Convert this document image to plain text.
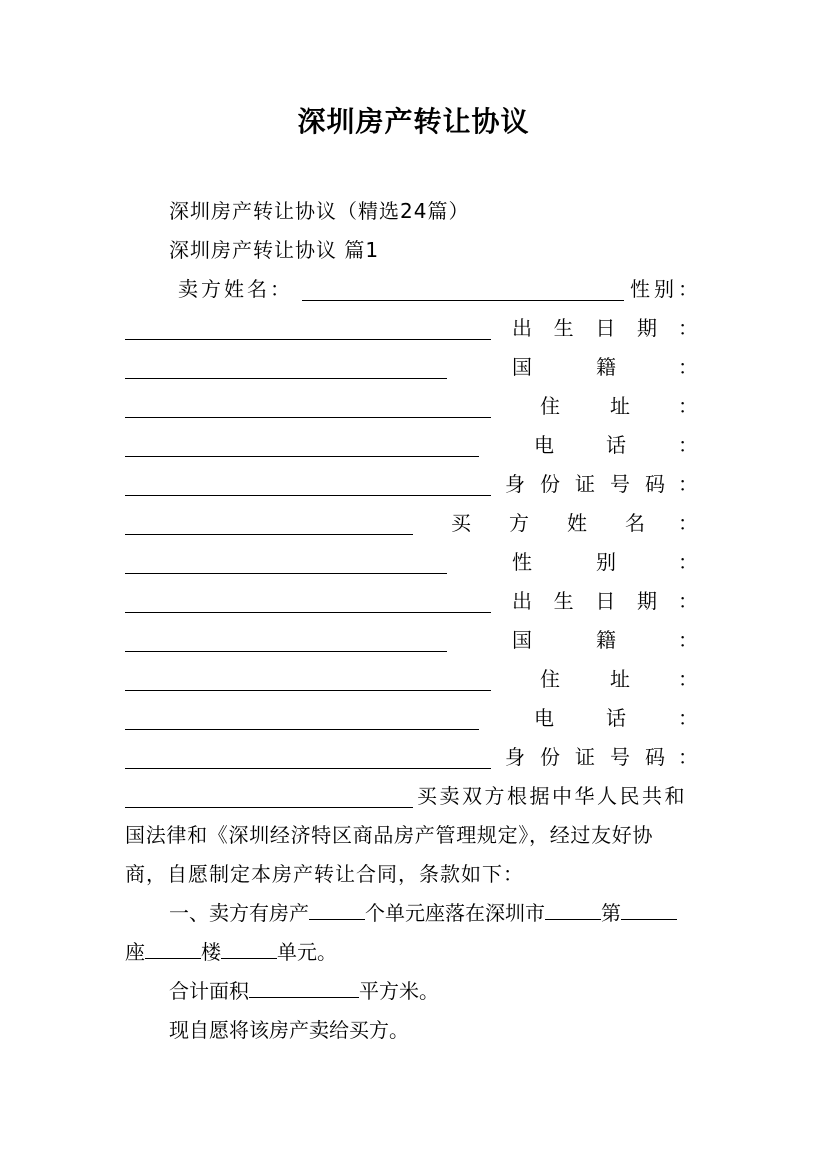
深圳房产转让协议
深圳房产转让协议（精选24篇）
深圳房产转让协议 篇1
卖方姓名：	性别：
出 生 日 期 ：
国	籍	：
住	址 ：
电	话	：
身 份 证 号 码 ：
买 方 姓 名 ：
性	别	：
出 生 日 期 ：
国	籍	：
住	址 ：
电	话	：
身 份 证 号 码 ：
买卖双方根据中华人民共和
国法律和《深圳经济特区商品房产管理规定》，经过友好协
商，自愿制定本房产转让合同，条款如下：
一、卖方有房产	个单元座落在深圳市	第
座	楼	单元。
合计面积	平方米。
现自愿将该房产卖给买方。
